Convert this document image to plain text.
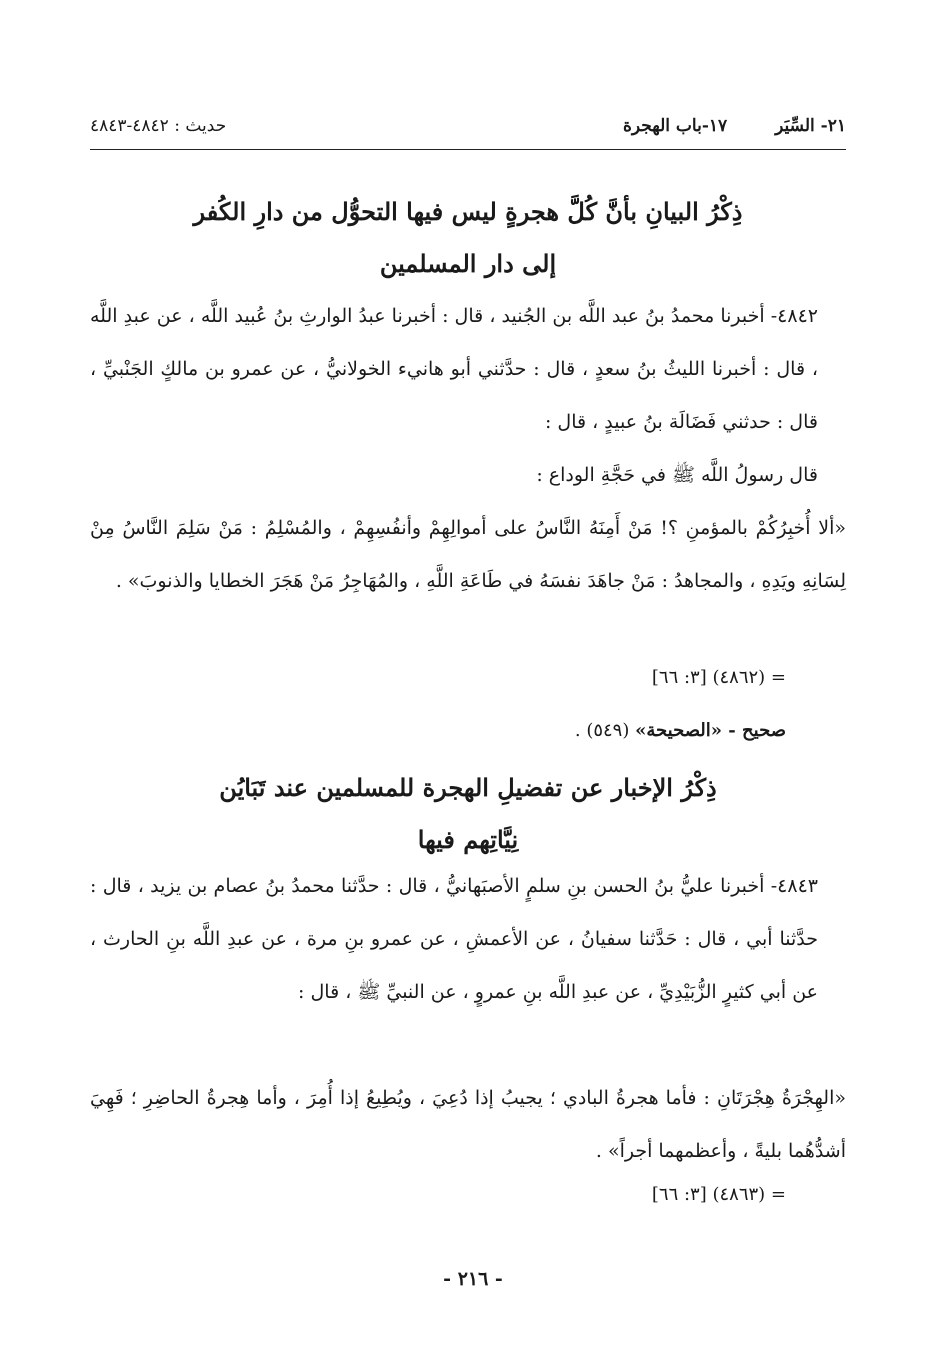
٢١- السِّيَر١٧-باب الهجرة
حديث : ٤٨٤٢-٤٨٤٣
ذِكْرُ البيانِ بأنَّ كُلَّ هجرةٍ ليس فيها التحوُّل من دارِ الكُفر
إلى دار المسلمين
٤٨٤٢- أخبرنا محمدُ بنُ عبد اللَّه بن الجُنيد ، قال : أخبرنا عبدُ الوارثِ بنُ عُبيد اللَّه ، عن عبدِ اللَّه ، قال : أخبرنا الليثُ بنُ سعدٍ ، قال : حدَّثني أبو هانيء الخولانيُّ ، عن عمرو بن مالكٍ الجَنْبيِّ ، قال : حدثني فَضَالَة بنُ عبيدٍ ، قال :
قال رسولُ اللَّه ﷺ في حَجَّةِ الوداع :
«ألا أُخبِرُكُمْ بالمؤمنِ ؟! مَنْ أَمِنَهُ النَّاسُ على أموالِهِمْ وأنفُسِهِمْ ، والمُسْلِمُ : مَنْ سَلِمَ النَّاسُ مِنْ لِسَانِهِ ويَدِهِ ، والمجاهدُ : مَنْ جاهَدَ نفسَهُ في طَاعَةِ اللَّهِ ، والمُهَاجِرُ مَنْ هَجَرَ الخطايا والذنوبَ» .
= (٤٨٦٢) [٣: ٦٦]
صحيح - «الصحيحة» (٥٤٩) .
ذِكْرُ الإخبار عن تفضيلِ الهجرة للمسلمين عند تَبَايُن
نِيَّاتِهم فيها
٤٨٤٣- أخبرنا عليُّ بنُ الحسن بنِ سلمٍ الأصبَهانيُّ ، قال : حدَّثنا محمدُ بنُ عصام بن يزيد ، قال : حدَّثنا أبي ، قال : حَدَّثنا سفيانُ ، عن الأعمشِ ، عن عمرو بنِ مرة ، عن عبدِ اللَّه بنِ الحارث ، عن أبي كثيرٍ الزُّبَيْدِيِّ ، عن عبدِ اللَّه بنِ عمروٍ ، عن النبيِّ ﷺ ، قال :
«الهِجْرَةُ هِجْرَتَانِ : فأما هجرةُ البادي ؛ يجيبُ إذا دُعِيَ ، ويُطِيعُ إذا أُمِرَ ، وأما هِجرةُ الحاضِرِ ؛ فَهِيَ أشدُّهُما بليةً ، وأعظمهما أجراً» .
= (٤٨٦٣) [٣: ٦٦]
- ٢١٦ -
